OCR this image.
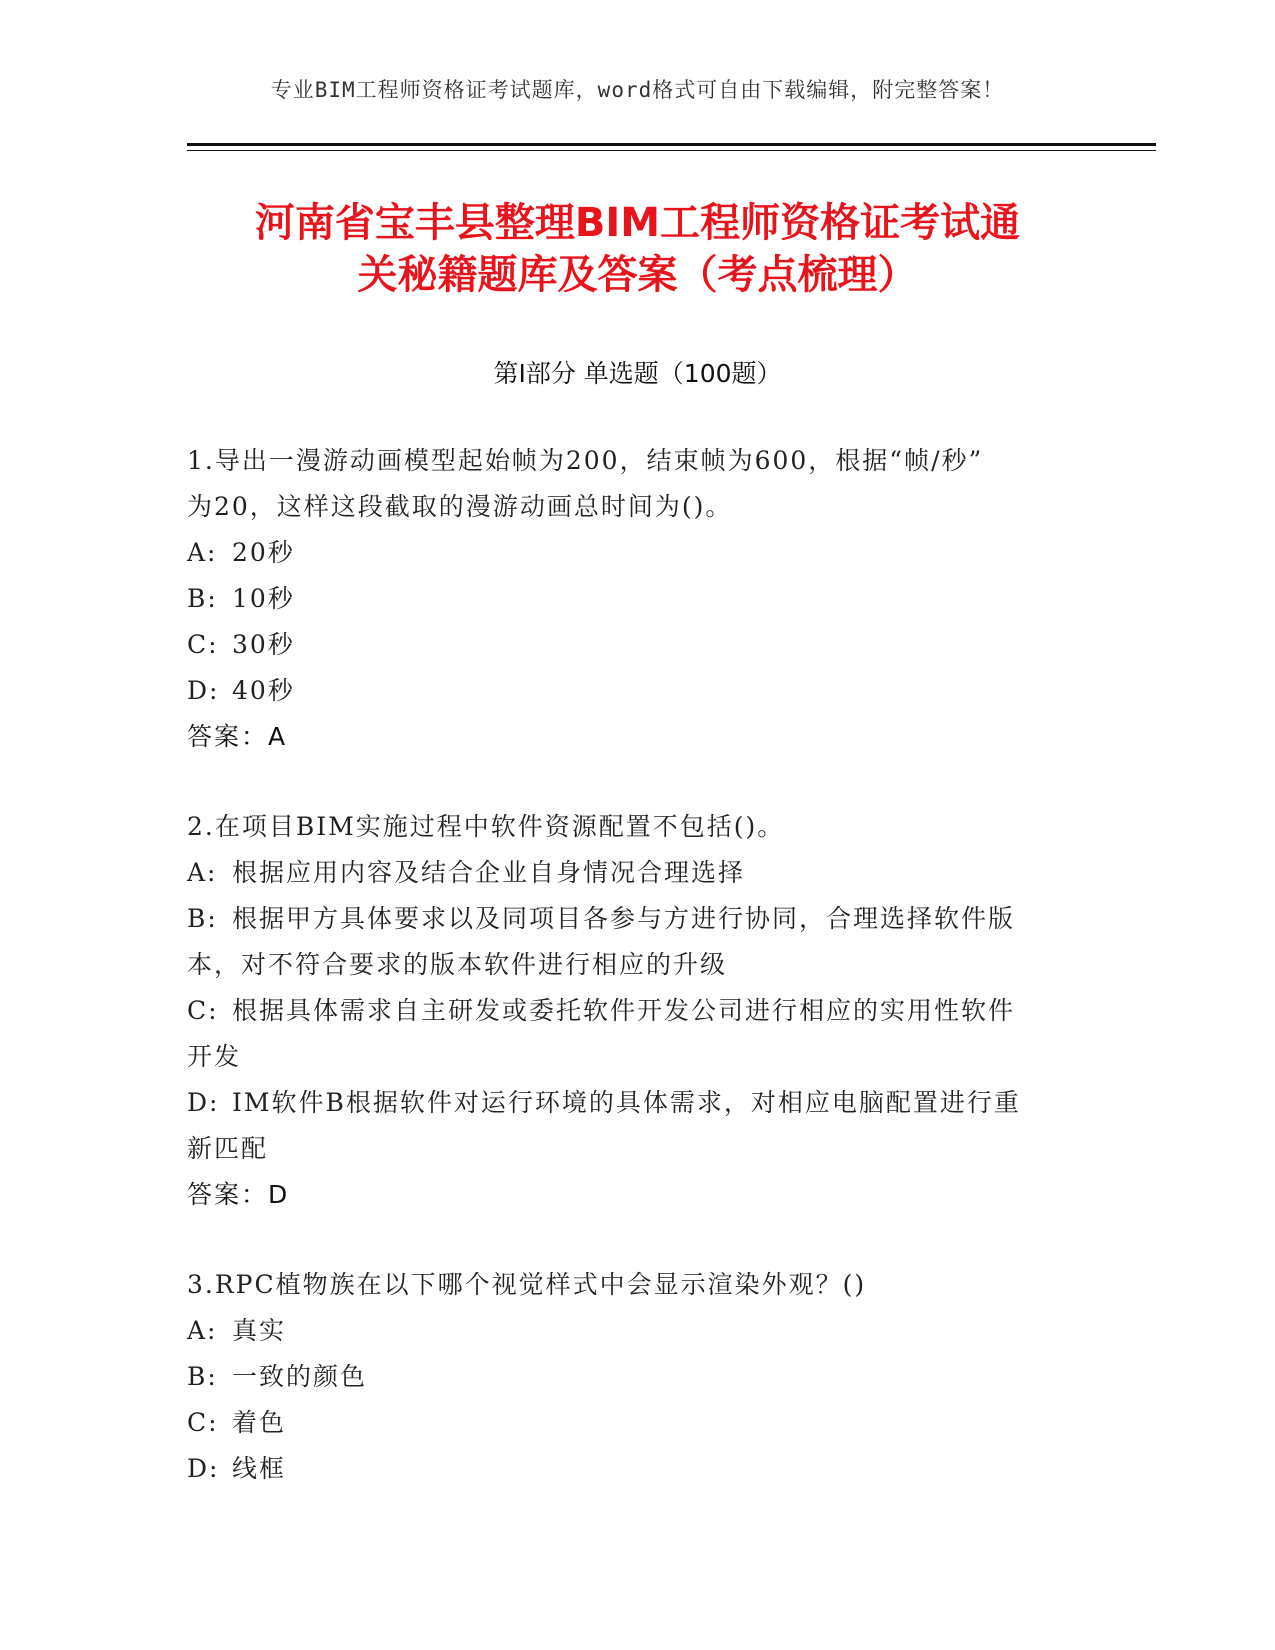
专业BIM工程师资格证考试题库，word格式可自由下载编辑，附完整答案！
河南省宝丰县整理BIM工程师资格证考试通
关秘籍题库及答案（考点梳理）
第I部分 单选题（100题）
1.导出一漫游动画模型起始帧为200，结束帧为600，根据“帧/秒”
为20，这样这段截取的漫游动画总时间为()。
A: 20秒
B: 10秒
C: 30秒
D: 40秒
答案：A
2.在项目BIM实施过程中软件资源配置不包括()。
A: 根据应用内容及结合企业自身情况合理选择
B: 根据甲方具体要求以及同项目各参与方进行协同，合理选择软件版
本，对不符合要求的版本软件进行相应的升级
C: 根据具体需求自主研发或委托软件开发公司进行相应的实用性软件
开发
D: IM软件B根据软件对运行环境的具体需求，对相应电脑配置进行重
新匹配
答案：D
3.RPC植物族在以下哪个视觉样式中会显示渲染外观？()
A: 真实
B: 一致的颜色
C: 着色
D: 线框
